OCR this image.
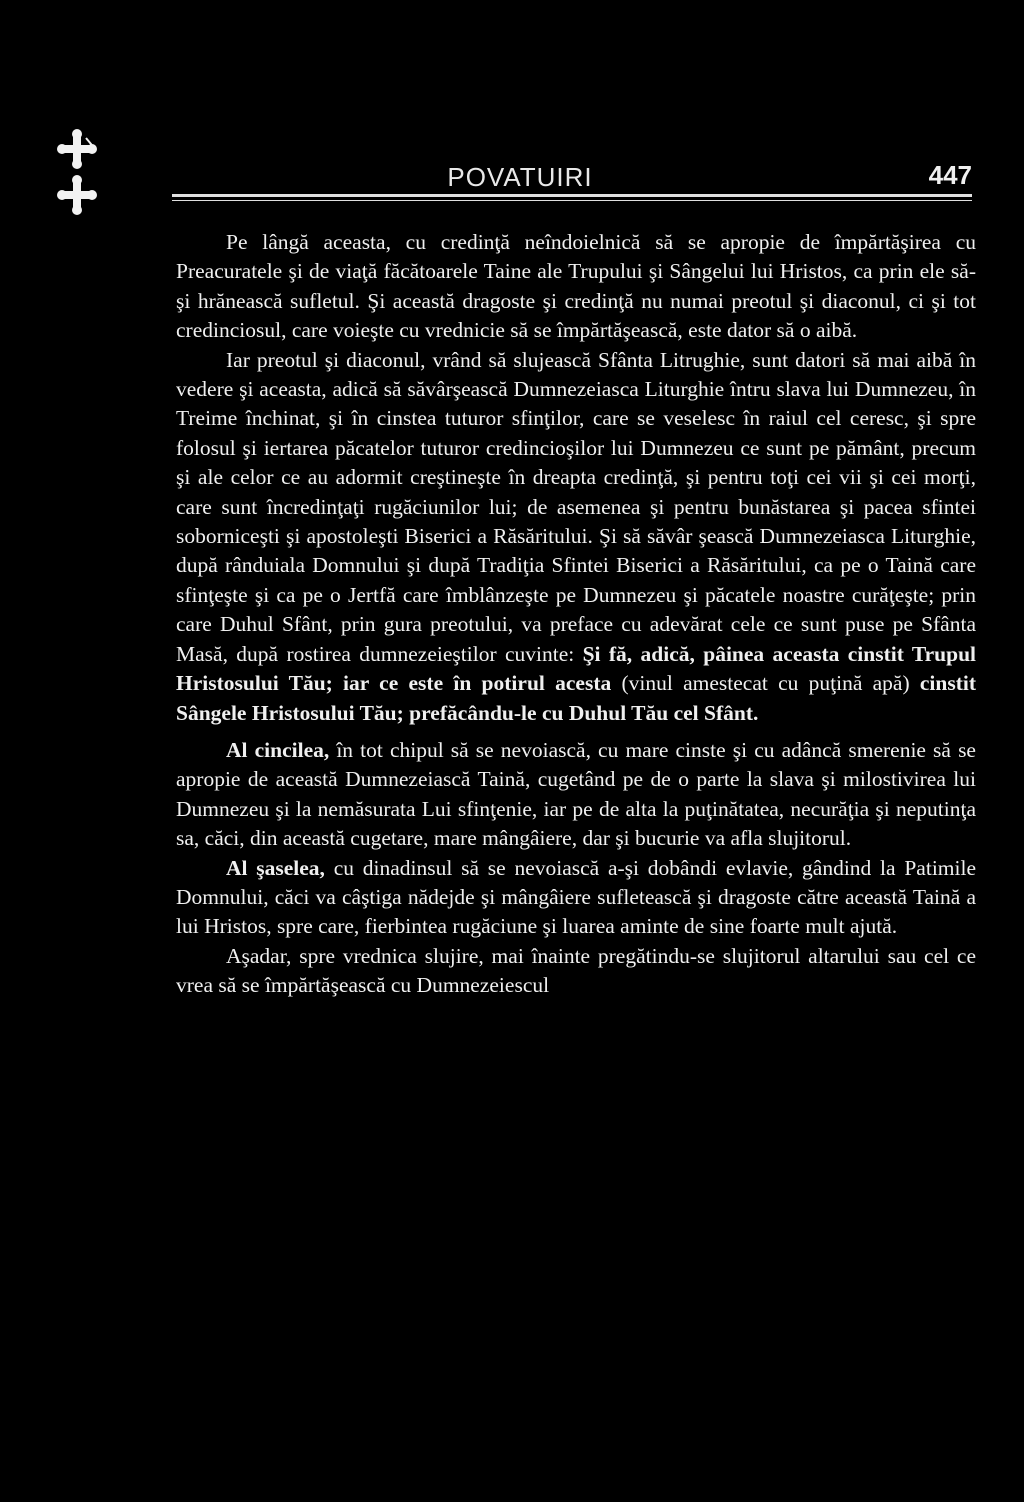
POVATUIRI	447

Pe lângă aceasta, cu credinţă neîndoielnică să se apropie de împărtăşirea cu Preacuratele şi de viaţă făcătoarele Taine ale Trupului şi Sângelui lui Hristos, ca prin ele să-şi hrănească sufletul. Şi această dragoste şi credinţă nu numai preotul şi diaconul, ci şi tot credinciosul, care voieşte cu vrednicie să se împărtăşească, este dator să o aibă.

Iar preotul şi diaconul, vrând să slujească Sfânta Litrughie, sunt datori să mai aibă în vedere şi aceasta, adică să săvârşească Dumnezeiasca Liturghie întru slava lui Dumnezeu, în Treime închinat, şi în cinstea tuturor sfinţilor, care se veselesc în raiul cel ceresc, şi spre folosul şi iertarea păcatelor tuturor credincioşilor lui Dumnezeu ce sunt pe pământ, precum şi ale celor ce au adormit creştineşte în dreapta credinţă, şi pentru toţi cei vii şi cei morţi, care sunt încredinţaţi rugăciunilor lui; de asemenea şi pentru bunăstarea şi pacea sfintei soborniceşti şi apostoleşti Biserici a Răsăritului. Şi să săvâr şească Dumnezeiasca Liturghie, după rânduiala Domnului şi după Tradiţia Sfintei Biserici a Răsăritului, ca pe o Taină care sfinţeşte şi ca pe o Jertfă care îmblânzeşte pe Dumnezeu şi păcatele noastre curăţeşte; prin care Duhul Sfânt, prin gura preotului, va preface cu adevărat cele ce sunt puse pe Sfânta Masă, după rostirea dumnezeieştilor cuvinte: Şi fă, adică, pâinea aceasta cinstit Trupul Hristosului Tău; iar ce este în potirul acesta (vinul amestecat cu puţină apă) cinstit Sângele Hristosului Tău; prefăcându-le cu Duhul Tău cel Sfânt.

Al cincilea, în tot chipul să se nevoiască, cu mare cinste şi cu adâncă smerenie să se apropie de această Dumnezeiască Taină, cugetând pe de o parte la slava şi milostivirea lui Dumnezeu şi la nemăsurata Lui sfinţenie, iar pe de alta la puţinătatea, necurăţia şi neputinţa sa, căci, din această cugetare, mare mângâiere, dar şi bucurie va afla slujitorul.

Al şaselea, cu dinadinsul să se nevoiască a-şi dobândi evlavie, gândind la Patimile Domnului, căci va câştiga nădejde şi mângâiere sufletească şi dragoste către această Taină a lui Hristos, spre care, fierbintea rugăciune şi luarea aminte de sine foarte mult ajută.

Aşadar, spre vrednica slujire, mai înainte pregătindu-se slujitorul altarului sau cel ce vrea să se împărtăşească cu Dumnezeiescul
